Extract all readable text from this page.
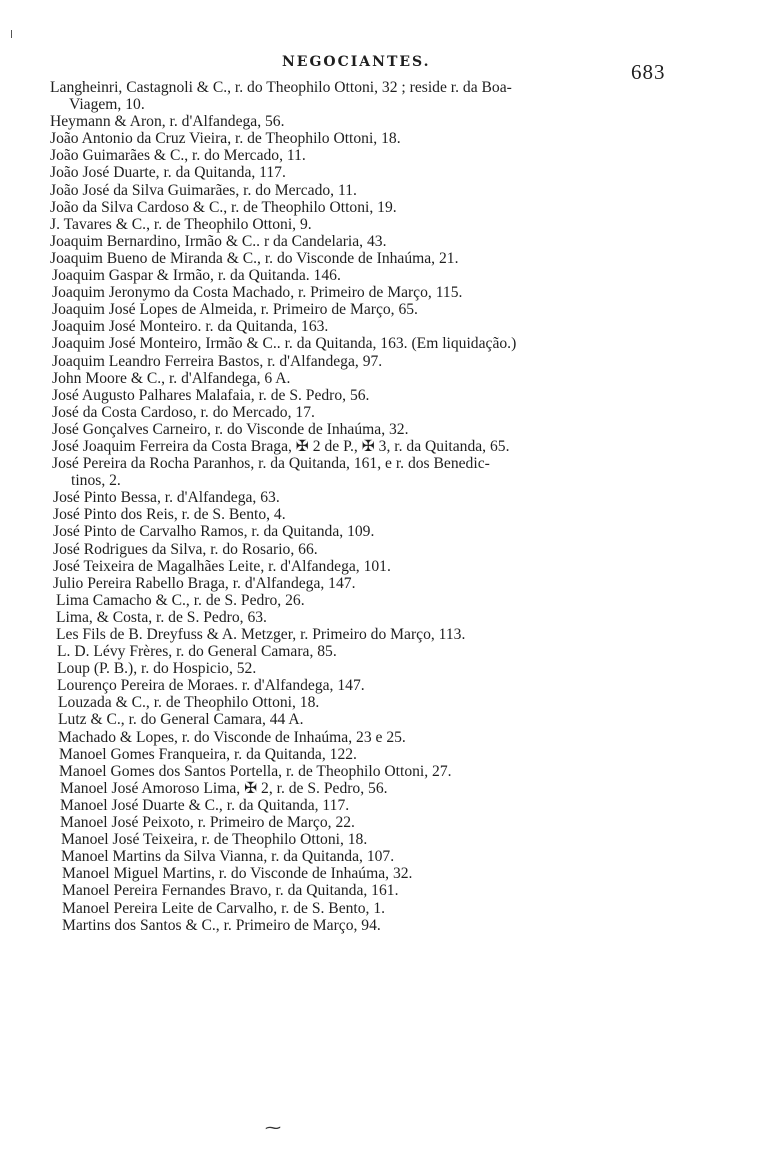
NEGOCIANTES.	683
Langheinri, Castagnoli & C., r. do Theophilo Ottoni, 32 ; reside r. da Boa-
Viagem, 10.
Heymann & Aron, r. d'Alfandega, 56.
João Antonio da Cruz Vieira, r. de Theophilo Ottoni, 18.
João Guimarães & C., r. do Mercado, 11.
João José Duarte, r. da Quitanda, 117.
João José da Silva Guimarães, r. do Mercado, 11.
João da Silva Cardoso & C., r. de Theophilo Ottoni, 19.
J. Tavares & C., r. de Theophilo Ottoni, 9.
Joaquim Bernardino, Irmão & C.. r da Candelaria, 43.
Joaquim Bueno de Miranda & C., r. do Visconde de Inhaúma, 21.
Joaquim Gaspar & Irmão, r. da Quitanda. 146.
Joaquim Jeronymo da Costa Machado, r. Primeiro de Março, 115.
Joaquim José Lopes de Almeida, r. Primeiro de Março, 65.
Joaquim José Monteiro. r. da Quitanda, 163.
Joaquim José Monteiro, Irmão & C.. r. da Quitanda, 163. (Em liquidação.)
Joaquim Leandro Ferreira Bastos, r. d'Alfandega, 97.
John Moore & C., r. d'Alfandega, 6 A.
José Augusto Palhares Malafaia, r. de S. Pedro, 56.
José da Costa Cardoso, r. do Mercado, 17.
José Gonçalves Carneiro, r. do Visconde de Inhaúma, 32.
José Joaquim Ferreira da Costa Braga, ✠ 2 de P., ✠ 3, r. da Quitanda, 65.
José Pereira da Rocha Paranhos, r. da Quitanda, 161, e r. dos Benedic-
tinos, 2.
José Pinto Bessa, r. d'Alfandega, 63.
José Pinto dos Reis, r. de S. Bento, 4.
José Pinto de Carvalho Ramos, r. da Quitanda, 109.
José Rodrigues da Silva, r. do Rosario, 66.
José Teixeira de Magalhães Leite, r. d'Alfandega, 101.
Julio Pereira Rabello Braga, r. d'Alfandega, 147.
Lima Camacho & C., r. de S. Pedro, 26.
Lima, & Costa, r. de S. Pedro, 63.
Les Fils de B. Dreyfuss & A. Metzger, r. Primeiro do Março, 113.
L. D. Lévy Frères, r. do General Camara, 85.
Loup (P. B.), r. do Hospicio, 52.
Lourenço Pereira de Moraes. r. d'Alfandega, 147.
Louzada & C., r. de Theophilo Ottoni, 18.
Lutz & C., r. do General Camara, 44 A.
Machado & Lopes, r. do Visconde de Inhaúma, 23 e 25.
Manoel Gomes Franqueira, r. da Quitanda, 122.
Manoel Gomes dos Santos Portella, r. de Theophilo Ottoni, 27.
Manoel José Amoroso Lima, ✠ 2, r. de S. Pedro, 56.
Manoel José Duarte & C., r. da Quitanda, 117.
Manoel José Peixoto, r. Primeiro de Março, 22.
Manoel José Teixeira, r. de Theophilo Ottoni, 18.
Manoel Martins da Silva Vianna, r. da Quitanda, 107.
Manoel Miguel Martins, r. do Visconde de Inhaúma, 32.
Manoel Pereira Fernandes Bravo, r. da Quitanda, 161.
Manoel Pereira Leite de Carvalho, r. de S. Bento, 1.
Martins dos Santos & C., r. Primeiro de Março, 94.
⁓
